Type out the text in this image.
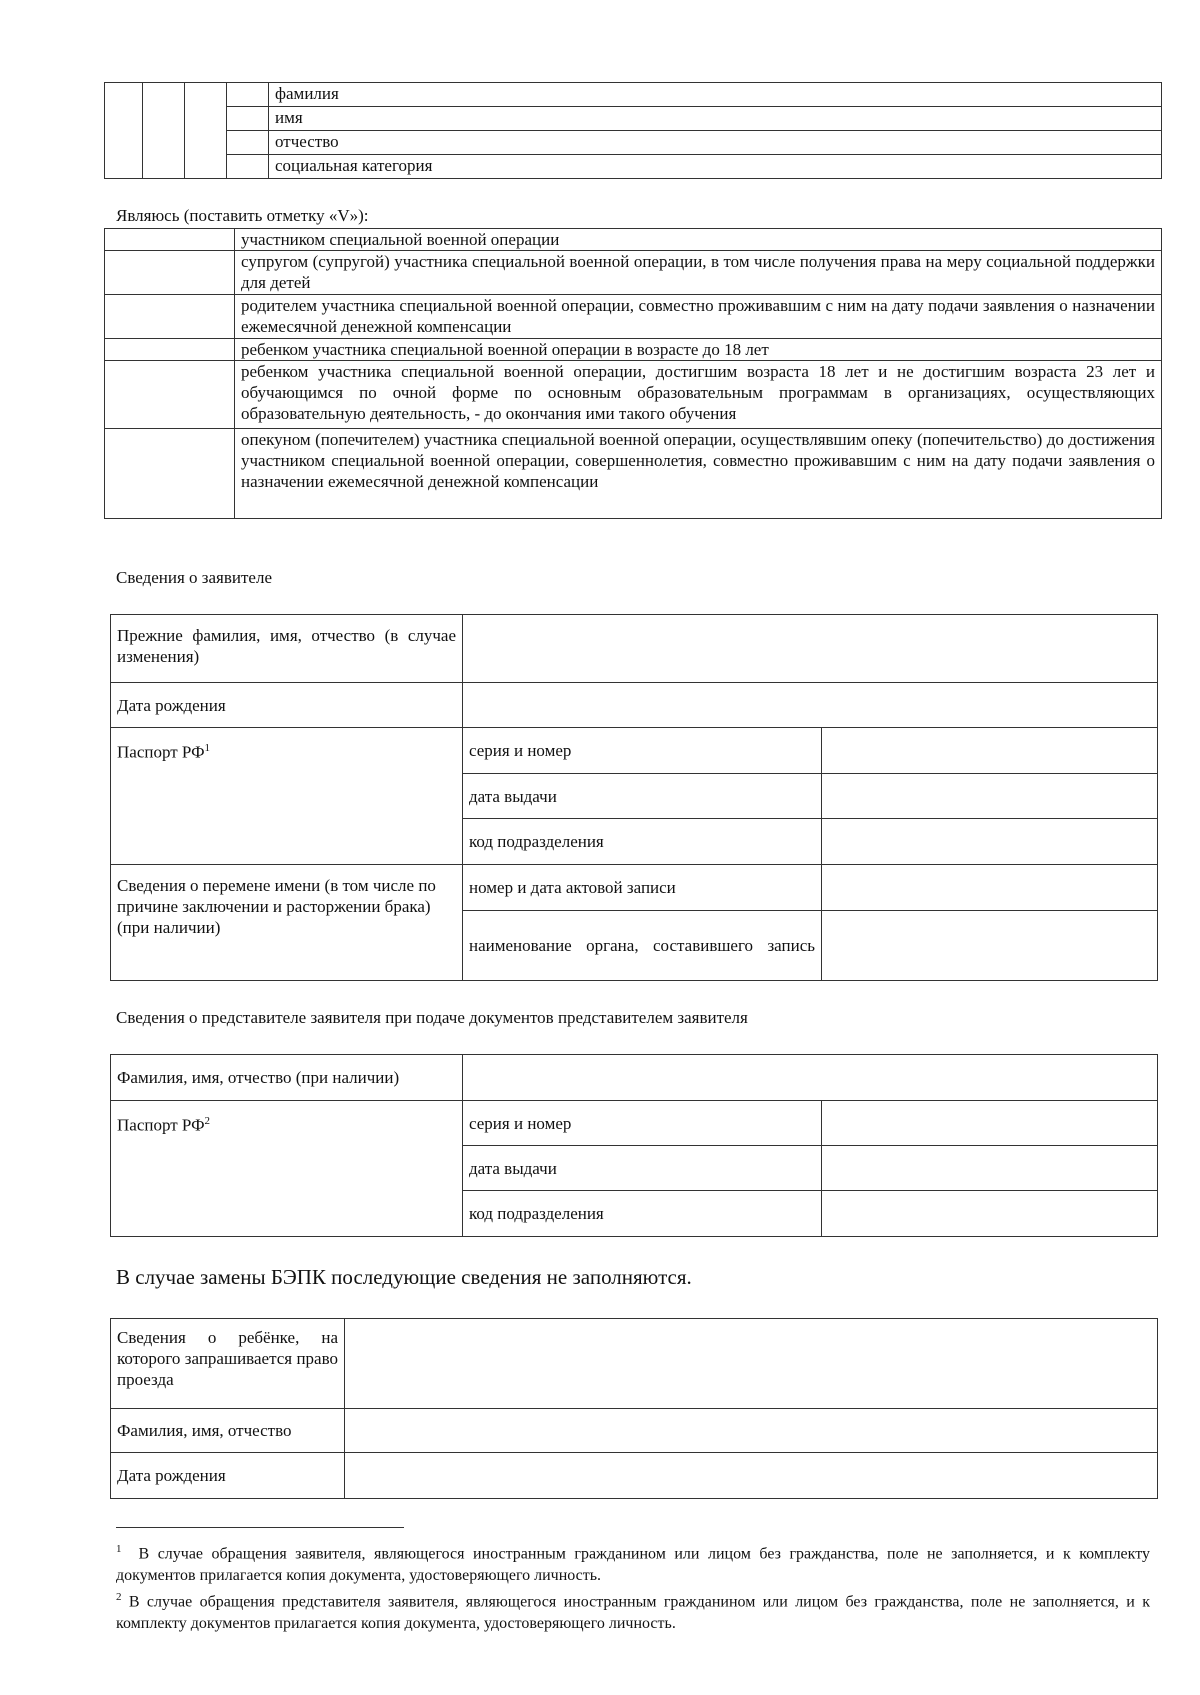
				фамилия
				имя
				отчество
				социальная категория
Являюсь (поставить отметку «V»):
	участником специальной военной операции
	супругом (супругой) участника специальной военной операции, в том числе получения права на меру социальной поддержки для детей
	родителем участника специальной военной операции, совместно проживавшим с ним на дату подачи заявления о назначении ежемесячной денежной компенсации
	ребенком участника специальной военной операции в возрасте до 18 лет
	ребенком участника специальной военной операции, достигшим возраста 18 лет и не достигшим возраста 23 лет и обучающимся по очной форме по основным образовательным программам в организациях, осуществляющих образовательную деятельность, - до окончания ими такого обучения
	опекуном (попечителем) участника специальной военной операции, осуществлявшим опеку (попечительство) до достижения участником специальной военной операции, совершеннолетия, совместно проживавшим с ним на дату подачи заявления о назначении ежемесячной денежной компенсации
Сведения о заявителе
Прежние фамилия, имя, отчество (в случае изменения)		
Дата рождения		
Паспорт $РФ^1$	серия и номер	
	дата выдачи	
	код подразделения	
Сведения о перемене имени (в том числе по причине заключении и расторжении брака) (при наличии)	номер и дата актовой записи	
	наименование органа, составившего запись	
Сведения о представителе заявителя при подаче документов представителем заявителя
Фамилия, имя, отчество (при наличии)		
Паспорт $РФ^2$	серия и номер	
	дата выдачи	
	код подразделения	
В случае замены БЭПК последующие сведения не заполняются.
Сведения о ребёнке, на которого запрашивается право проезда	
Фамилия, имя, отчество	
Дата рождения	
$^1$ В случае обращения заявителя, являющегося иностранным гражданином или лицом без гражданства, поле не заполняется, и к комплекту документов прилагается копия документа, удостоверяющего личность.
$^2$ В случае обращения представителя заявителя, являющегося иностранным гражданином или лицом без гражданства, поле не заполняется, и к комплекту документов прилагается копия документа, удостоверяющего личность.
